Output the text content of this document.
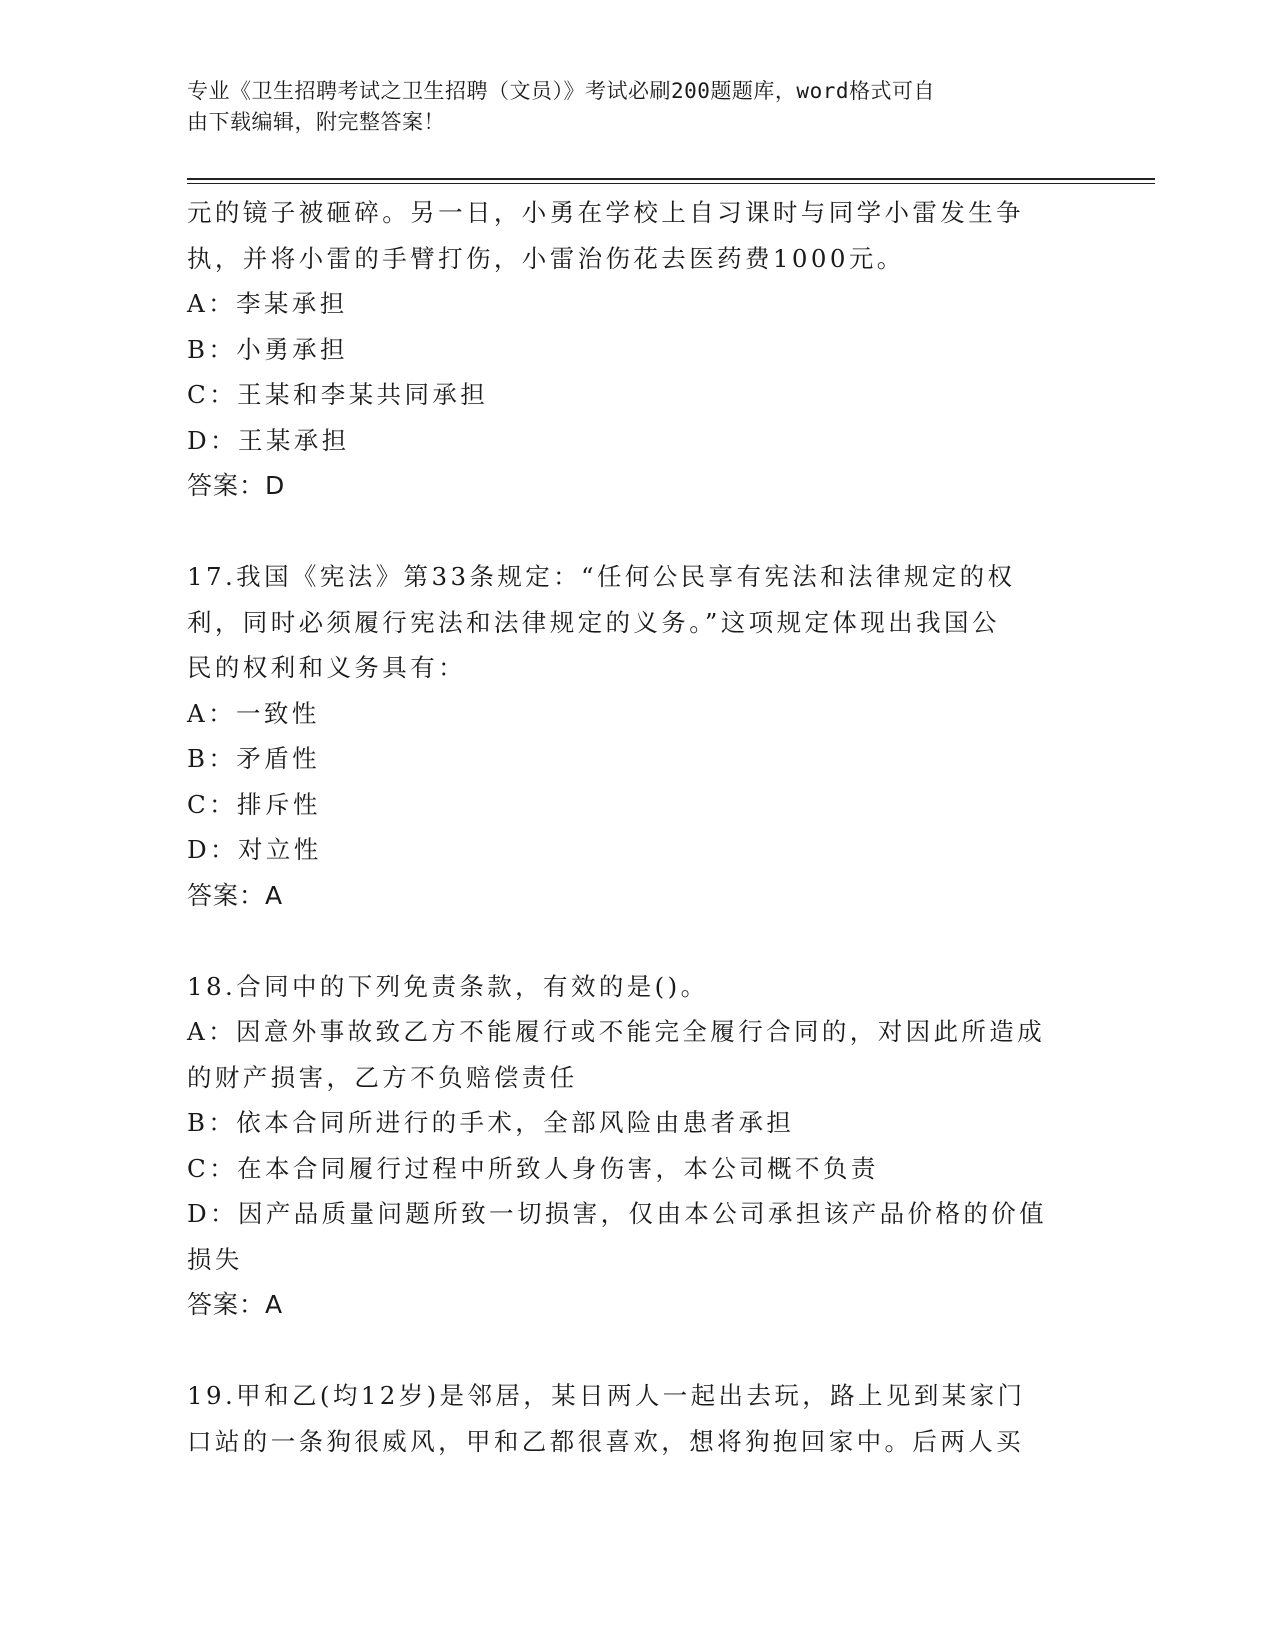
专业《卫生招聘考试之卫生招聘（文员）》考试必刷200题题库，word格式可自
由下载编辑，附完整答案！
元的镜子被砸碎。另一日，小勇在学校上自习课时与同学小雷发生争
执，并将小雷的手臂打伤，小雷治伤花去医药费1000元。
A：李某承担
B：小勇承担
C：王某和李某共同承担
D：王某承担
答案：D
17.我国《宪法》第33条规定：“任何公民享有宪法和法律规定的权
利，同时必须履行宪法和法律规定的义务。”这项规定体现出我国公
民的权利和义务具有：
A：一致性
B：矛盾性
C：排斥性
D：对立性
答案：A
18.合同中的下列免责条款，有效的是()。
A：因意外事故致乙方不能履行或不能完全履行合同的，对因此所造成
的财产损害，乙方不负赔偿责任
B：依本合同所进行的手术，全部风险由患者承担
C：在本合同履行过程中所致人身伤害，本公司概不负责
D：因产品质量问题所致一切损害，仅由本公司承担该产品价格的价值
损失
答案：A
19.甲和乙(均12岁)是邻居，某日两人一起出去玩，路上见到某家门
口站的一条狗很威风，甲和乙都很喜欢，想将狗抱回家中。后两人买
